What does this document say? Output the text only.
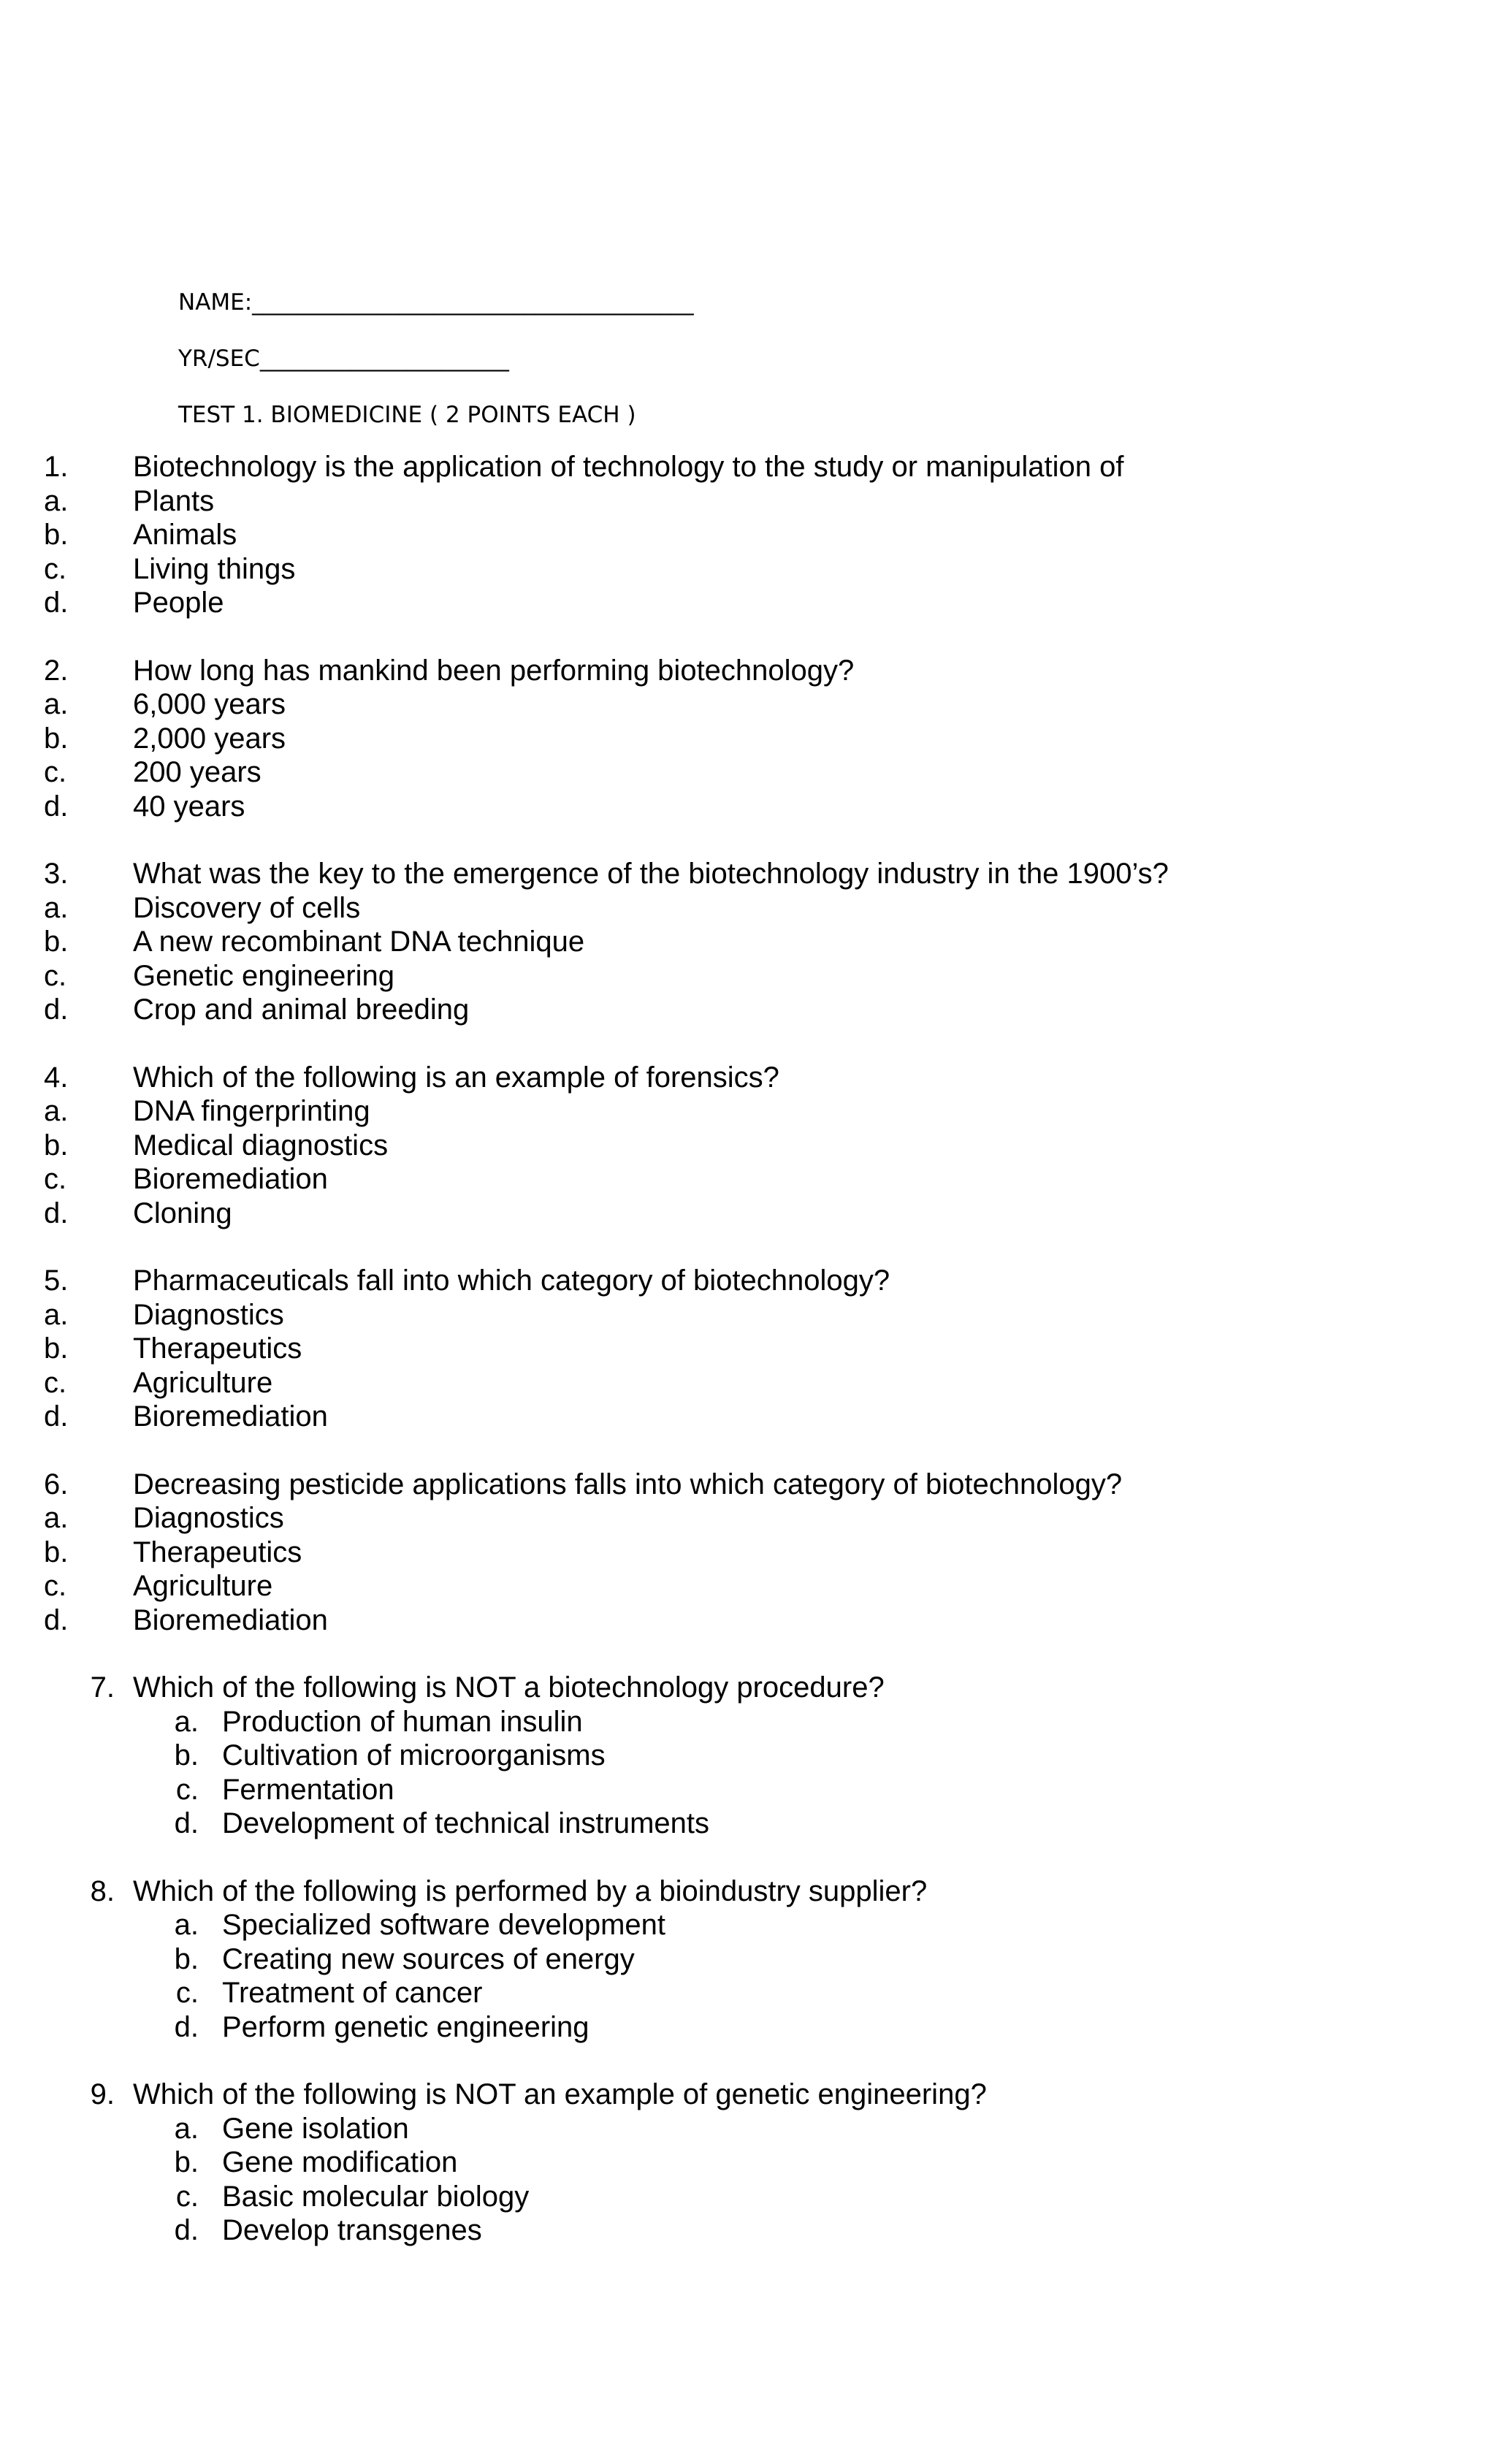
NAME:_______________________________________
YR/SEC______________________
TEST 1. BIOMEDICINE ( 2 POINTS EACH )
1. Biotechnology is the application of technology to the study or manipulation of
a. Plants
b. Animals
c. Living things
d. People
2. How long has mankind been performing biotechnology?
a. 6,000 years
b. 2,000 years
c. 200 years
d. 40 years
3. What was the key to the emergence of the biotechnology industry in the 1900’s?
a. Discovery of cells
b. A new recombinant DNA technique
c. Genetic engineering
d. Crop and animal breeding
4. Which of the following is an example of forensics?
a. DNA fingerprinting
b. Medical diagnostics
c. Bioremediation
d. Cloning
5. Pharmaceuticals fall into which category of biotechnology?
a. Diagnostics
b. Therapeutics
c. Agriculture
d. Bioremediation
6. Decreasing pesticide applications falls into which category of biotechnology?
a. Diagnostics
b. Therapeutics
c. Agriculture
d. Bioremediation
7. Which of the following is NOT a biotechnology procedure?
a. Production of human insulin
b. Cultivation of microorganisms
c. Fermentation
d. Development of technical instruments
8. Which of the following is performed by a bioindustry supplier?
a. Specialized software development
b. Creating new sources of energy
c. Treatment of cancer
d. Perform genetic engineering
9. Which of the following is NOT an example of genetic engineering?
a. Gene isolation
b. Gene modification
c. Basic molecular biology
d. Develop transgenes
